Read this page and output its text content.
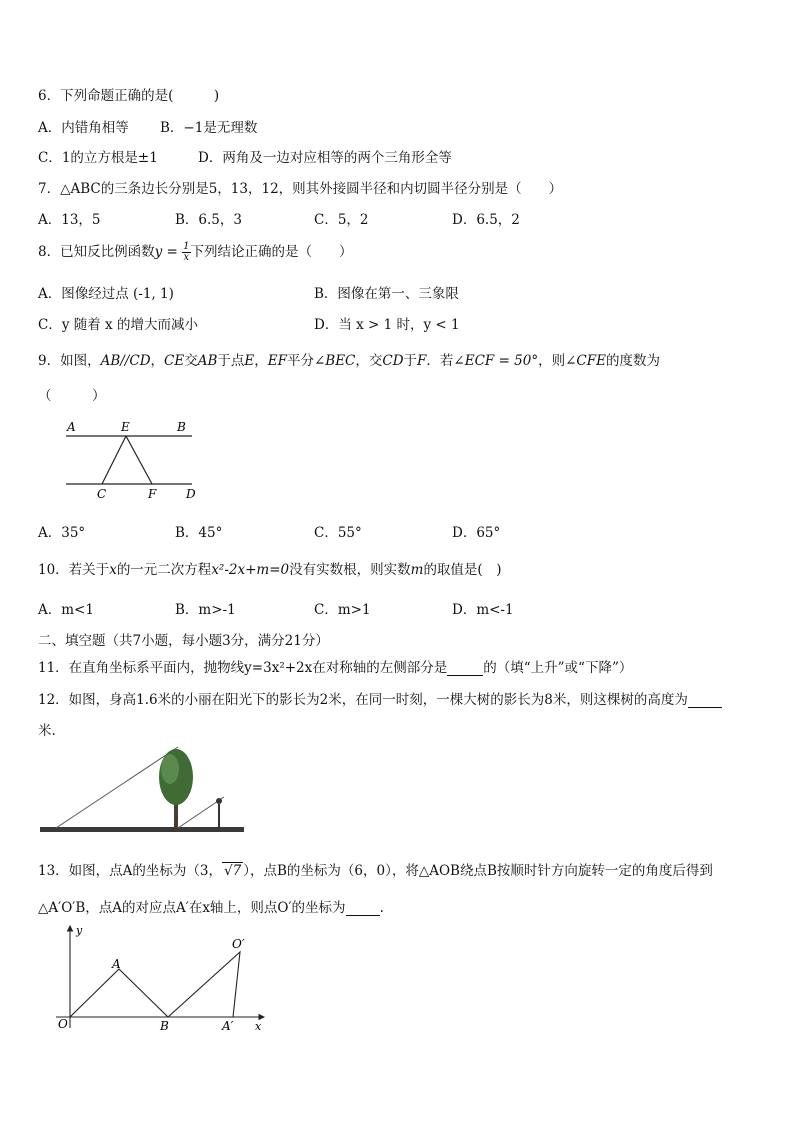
6．下列命题正确的是(　　　)
A．内错角相等 B．−1是无理数
C．1的立方根是±1	D．两角及一边对应相等的两个三角形全等
7．△ABC的三条边长分别是5，13，12，则其外接圆半径和内切圆半径分别是（　　）
A．13，5	B．6.5，3	C．5，2	D．6.5，2
8．已知反比例函数$y = \frac{1}{x}$ 下列结论正确的是（　　）
A．图像经过点 (-1, 1)	B．图像在第一、三象限
C．y 随着 x 的增大而减小	D．当 x > 1 时，y < 1
9．如图，AB//CD，CE交AB于点E，EF平分∠BEC，交CD于F．若∠ECF = 50°，则∠CFE的度数为
（　　　）
A	E	B
C	F D
A．35°	B．45°	C．55°	D．65°
10．若关于x的一元二次方程x²-2x+m=0没有实数根，则实数m的取值是(　)
A．m<1	B．m>-1	C．m>1	D．m<-1
二、填空题（共7小题，每小题3分，满分21分）
11．在直角坐标系平面内，抛物线y=3x²+2x在对称轴的左侧部分是	的（填“上升”或“下降”）
12．如图，身高1.6米的小丽在阳光下的影长为2米，在同一时刻，一棵大树的影长为8米，则这棵树的高度为
米.
13．如图，点A的坐标为（3， √7 ），点B的坐标为（6，0），将△AOB绕点B按顺时针方向旋转一定的角度后得到
△A′O′B，点A的对应点A′在x轴上，则点O′的坐标为	.
y
x
O
A
B	A′
O′
